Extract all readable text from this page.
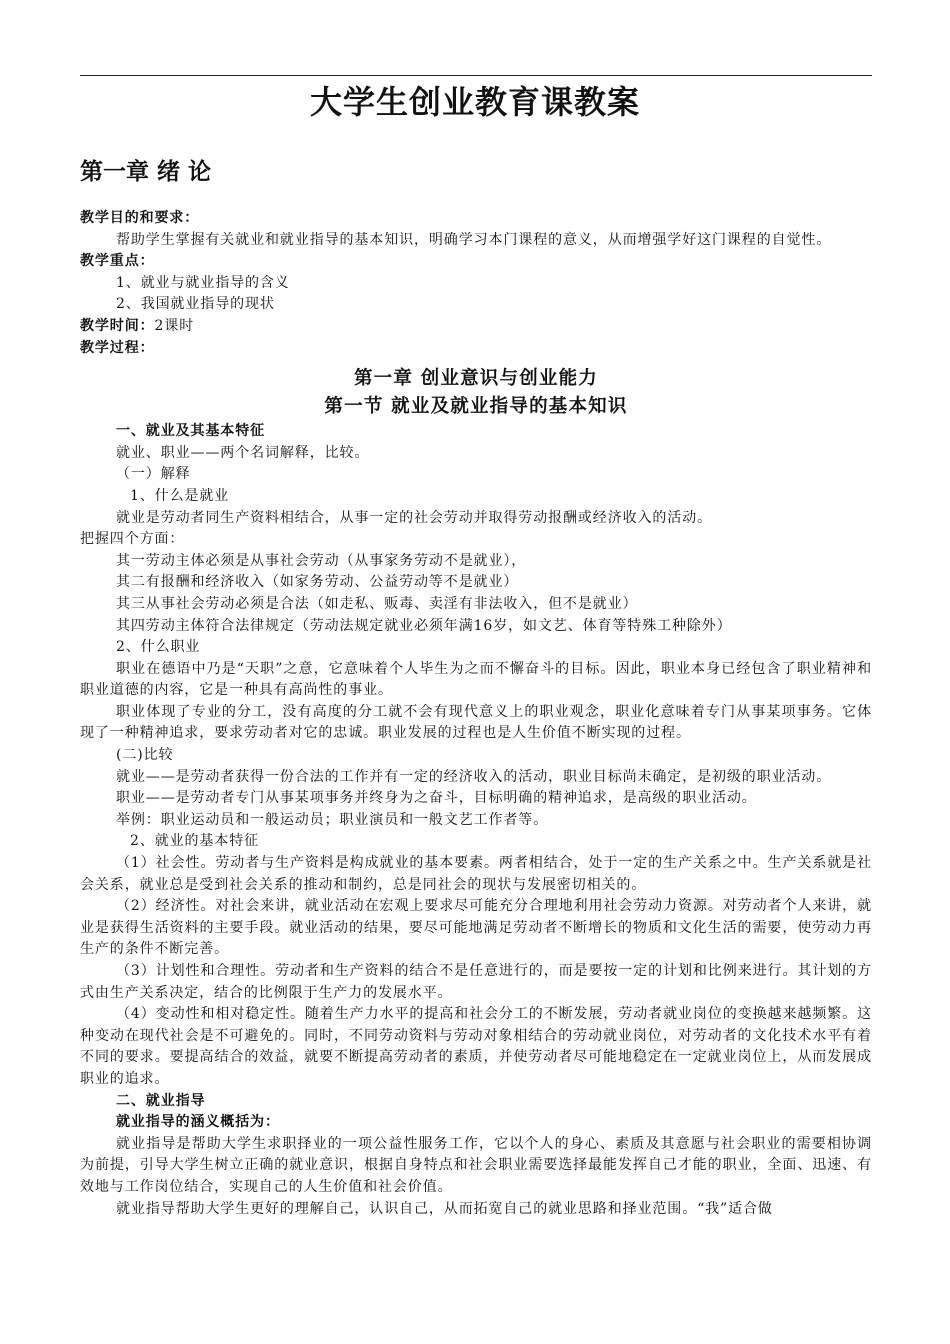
大学生创业教育课教案
第一章 绪 论

教学目的和要求：

帮助学生掌握有关就业和就业指导的基本知识，明确学习本门课程的意义，从而增强学好这门课程的自觉性。

教学重点：

1、就业与就业指导的含义

2、我国就业指导的现状

教学时间：2课时

教学过程：

第一章 创业意识与创业能力

第一节 就业及就业指导的基本知识

一、就业及其基本特征

就业、职业——两个名词解释，比较。

（一）解释

1、什么是就业

就业是劳动者同生产资料相结合，从事一定的社会劳动并取得劳动报酬或经济收入的活动。

把握四个方面：

其一劳动主体必须是从事社会劳动（从事家务劳动不是就业），

其二有报酬和经济收入（如家务劳动、公益劳动等不是就业）

其三从事社会劳动必须是合法（如走私、贩毒、卖淫有非法收入，但不是就业）

其四劳动主体符合法律规定（劳动法规定就业必须年满16岁，如文艺、体育等特殊工种除外）

2、什么职业

职业在德语中乃是“天职”之意，它意味着个人毕生为之而不懈奋斗的目标。因此，职业本身已经包含了职业精神和职业道德的内容，它是一种具有高尚性的事业。

职业体现了专业的分工，没有高度的分工就不会有现代意义上的职业观念，职业化意味着专门从事某项事务。它体现了一种精神追求，要求劳动者对它的忠诚。职业发展的过程也是人生价值不断实现的过程。

(二)比较

就业——是劳动者获得一份合法的工作并有一定的经济收入的活动，职业目标尚未确定，是初级的职业活动。

职业——是劳动者专门从事某项事务并终身为之奋斗，目标明确的精神追求，是高级的职业活动。

举例：职业运动员和一般运动员；职业演员和一般文艺工作者等。

2、就业的基本特征

（1）社会性。劳动者与生产资料是构成就业的基本要素。两者相结合，处于一定的生产关系之中。生产关系就是社会关系，就业总是受到社会关系的推动和制约，总是同社会的现状与发展密切相关的。

（2）经济性。对社会来讲，就业活动在宏观上要求尽可能充分合理地利用社会劳动力资源。对劳动者个人来讲，就业是获得生活资料的主要手段。就业活动的结果，要尽可能地满足劳动者不断增长的物质和文化生活的需要，使劳动力再生产的条件不断完善。

（3）计划性和合理性。劳动者和生产资料的结合不是任意进行的，而是要按一定的计划和比例来进行。其计划的方式由生产关系决定，结合的比例限于生产力的发展水平。

（4）变动性和相对稳定性。随着生产力水平的提高和社会分工的不断发展，劳动者就业岗位的变换越来越频繁。这种变动在现代社会是不可避免的。同时，不同劳动资料与劳动对象相结合的劳动就业岗位，对劳动者的文化技术水平有着不同的要求。要提高结合的效益，就要不断提高劳动者的素质，并使劳动者尽可能地稳定在一定就业岗位上，从而发展成职业的追求。

二、就业指导

就业指导的涵义概括为：

就业指导是帮助大学生求职择业的一项公益性服务工作，它以个人的身心、素质及其意愿与社会职业的需要相协调为前提，引导大学生树立正确的就业意识，根据自身特点和社会职业需要选择最能发挥自己才能的职业，全面、迅速、有效地与工作岗位结合，实现自己的人生价值和社会价值。

就业指导帮助大学生更好的理解自己，认识自己，从而拓宽自己的就业思路和择业范围。“我”适合做
